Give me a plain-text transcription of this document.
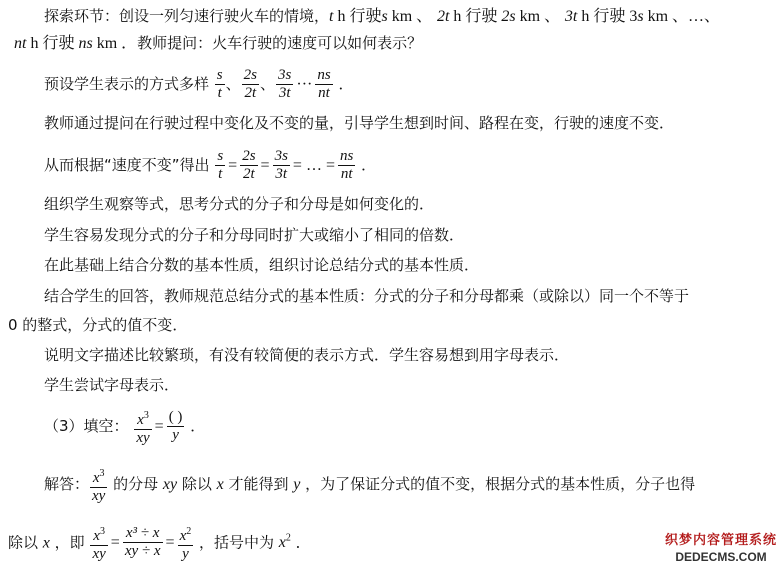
探索环节：创设一列匀速行驶火车的情境，t h 行驶s km 、 2t h 行驶 2s km 、 3t h 行驶 3s km 、…、
nt h 行驶 ns km ．教师提问：火车行驶的速度可以如何表示？
预设学生表示的方式多样 $\frac{s}{t}$ 、 $\frac{2s}{2t}$ 、 $\frac{3s}{3t}$ ··· $\frac{ns}{nt}$ ．
教师通过提问在行驶过程中变化及不变的量，引导学生想到时间、路程在变，行驶的速度不变．
从而根据“速度不变”得出 $\frac{s}{t} = \frac{2s}{2t} = \frac{3s}{3t}$ = … = $\frac{ns}{nt}$ ．
组织学生观察等式，思考分式的分子和分母是如何变化的．
学生容易发现分式的分子和分母同时扩大或缩小了相同的倍数．
在此基础上结合分数的基本性质，组织讨论总结分式的基本性质．
结合学生的回答，教师规范总结分式的基本性质：分式的分子和分母都乘（或除以）同一个不等于
0 的整式，分式的值不变．
说明文字描述比较繁琐，有没有较简便的表示方式．学生容易想到用字母表示．
学生尝试字母表示．
（3）填空： $\frac{x^3}{xy} = \frac{( )}{y}$ ．
解答： $\frac{x^3}{xy}$ 的分母 xy 除以 x 才能得到 y ，为了保证分式的值不变，根据分式的基本性质，分子也得
除以 x ，即 $\frac{x^3}{xy} = \frac{\text{x³ ÷ x}}{xy \div x} = \frac{x^2}{y}$ ，括号中为 $x^2$ ．	织梦内容管理系统
DEDECMS.COM
